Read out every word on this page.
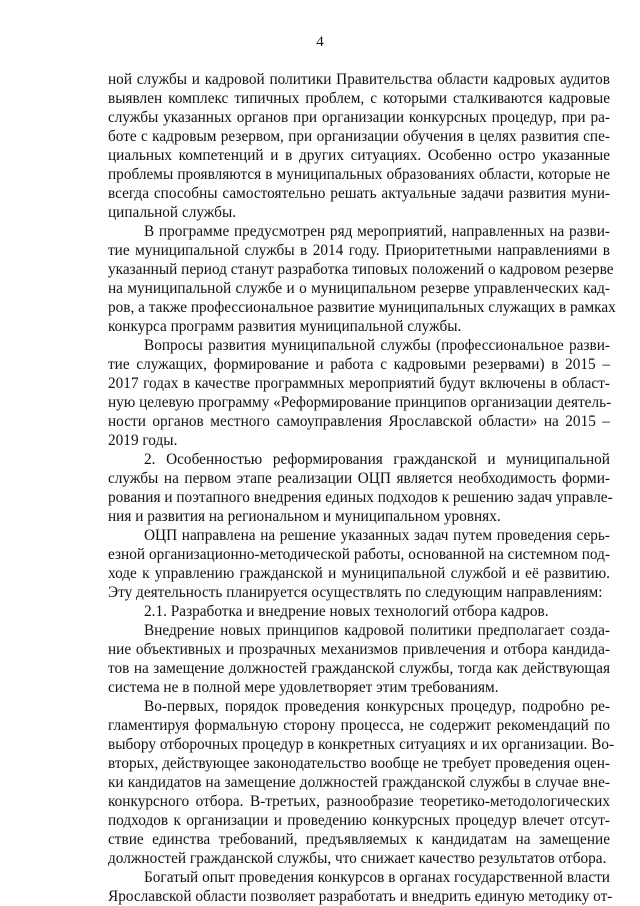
4
ной службы и кадровой политики Правительства области кадровых аудитов
выявлен комплекс типичных проблем, с которыми сталкиваются кадровые
службы указанных органов при организации конкурсных процедур, при ра-
боте с кадровым резервом, при организации обучения в целях развития спе-
циальных компетенций и в других ситуациях. Особенно остро указанные
проблемы проявляются в муниципальных образованиях области, которые не
всегда способны самостоятельно решать актуальные задачи развития муни-
ципальной службы.
В программе предусмотрен ряд мероприятий, направленных на разви-
тие муниципальной службы в 2014 году. Приоритетными направлениями в
указанный период станут разработка типовых положений о кадровом резерве
на муниципальной службе и о муниципальном резерве управленческих кад-
ров, а также профессиональное развитие муниципальных служащих в рамках
конкурса программ развития муниципальной службы.
Вопросы развития муниципальной службы (профессиональное разви-
тие служащих, формирование и работа с кадровыми резервами) в 2015 –
2017 годах в качестве программных мероприятий будут включены в област-
ную целевую программу «Реформирование принципов организации деятель-
ности органов местного самоуправления Ярославской области» на 2015 –
2019 годы.
2. Особенностью реформирования гражданской и муниципальной
службы на первом этапе реализации ОЦП является необходимость форми-
рования и поэтапного внедрения единых подходов к решению задач управле-
ния и развития на региональном и муниципальном уровнях.
ОЦП направлена на решение указанных задач путем проведения серь-
езной организационно-методической работы, основанной на системном под-
ходе к управлению гражданской и муниципальной службой и её развитию.
Эту деятельность планируется осуществлять по следующим направлениям:
2.1. Разработка и внедрение новых технологий отбора кадров.
Внедрение новых принципов кадровой политики предполагает созда-
ние объективных и прозрачных механизмов привлечения и отбора кандида-
тов на замещение должностей гражданской службы, тогда как действующая
система не в полной мере удовлетворяет этим требованиям.
Во-первых, порядок проведения конкурсных процедур, подробно ре-
гламентируя формальную сторону процесса, не содержит рекомендаций по
выбору отборочных процедур в конкретных ситуациях и их организации. Во-
вторых, действующее законодательство вообще не требует проведения оцен-
ки кандидатов на замещение должностей гражданской службы в случае вне-
конкурсного отбора. В-третьих, разнообразие теоретико-методологических
подходов к организации и проведению конкурсных процедур влечет отсут-
ствие единства требований, предъявляемых к кандидатам на замещение
должностей гражданской службы, что снижает качество результатов отбора.
Богатый опыт проведения конкурсов в органах государственной власти
Ярославской области позволяет разработать и внедрить единую методику от-
